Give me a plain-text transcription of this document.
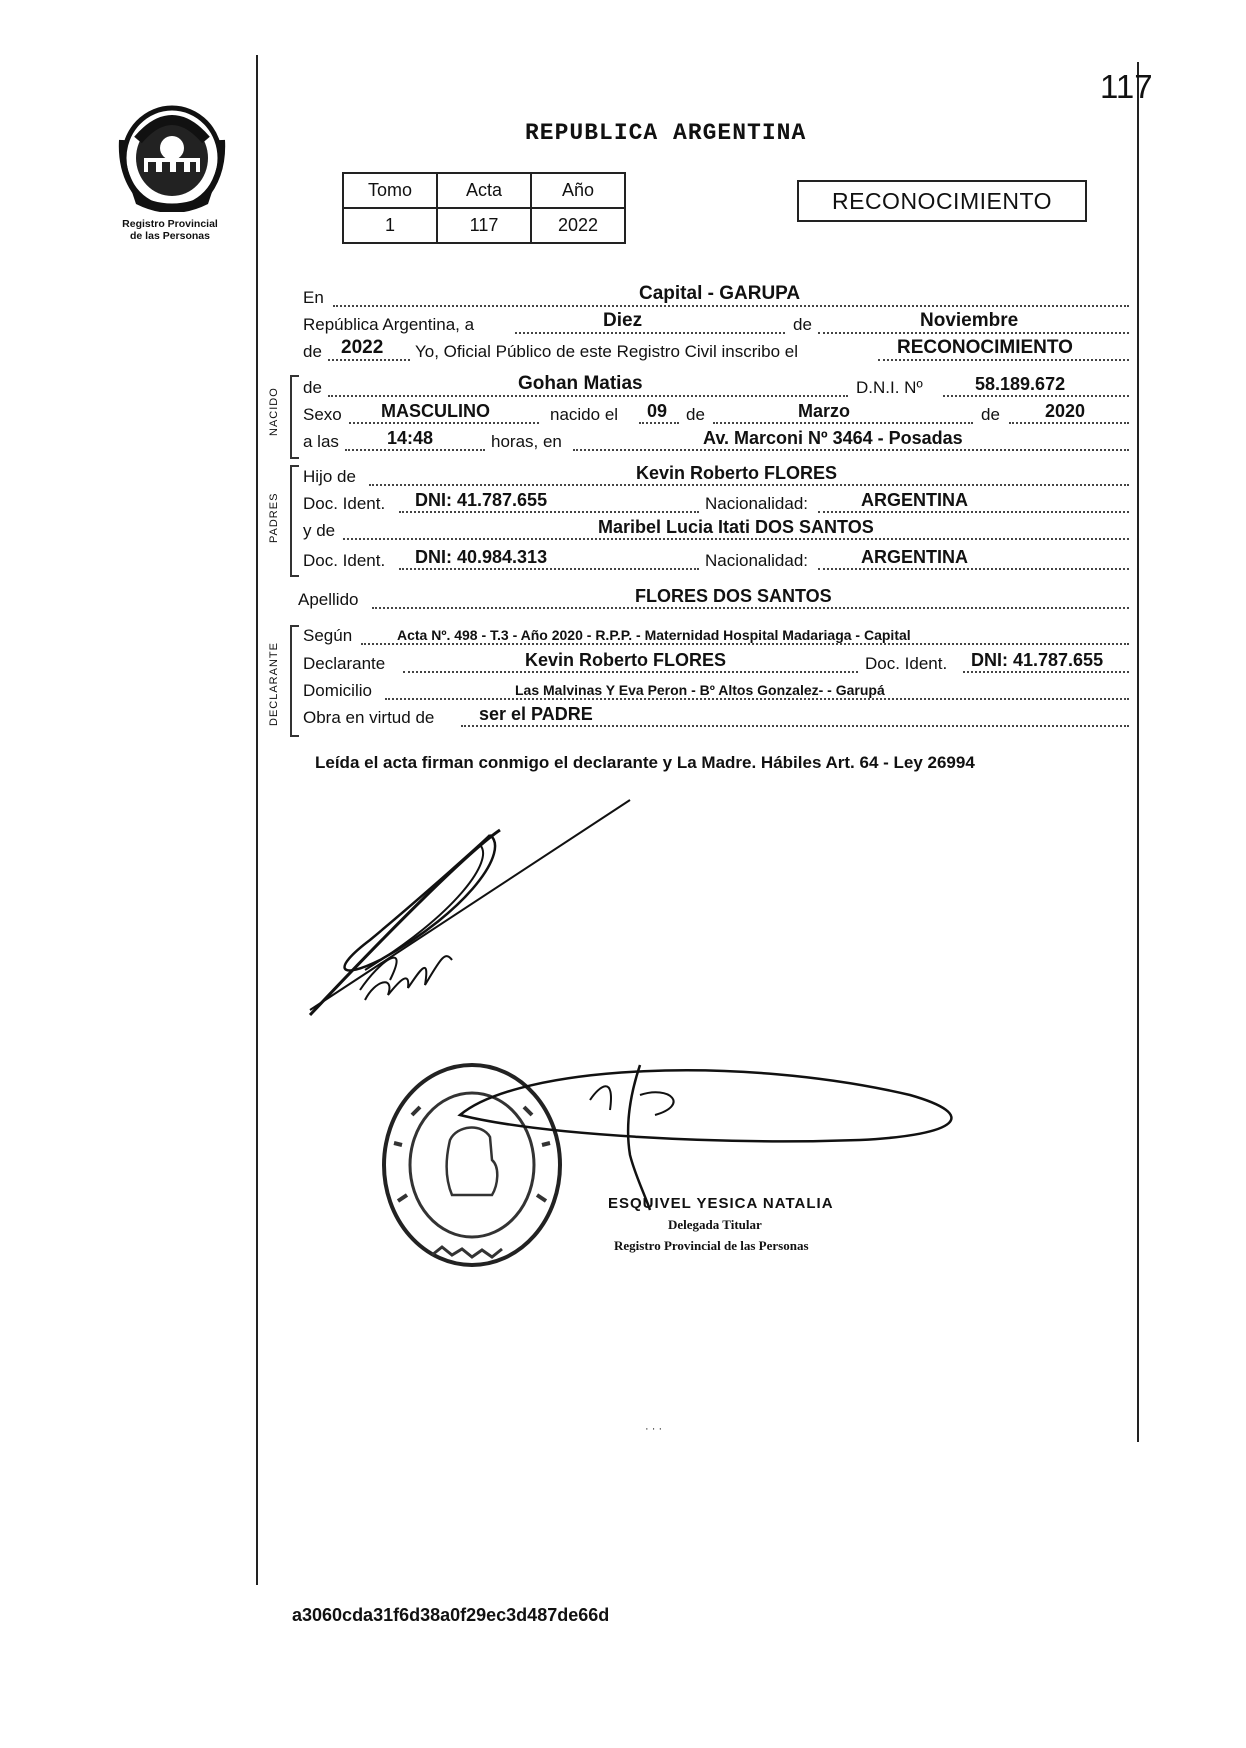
117
Registro Provincial
de las Personas
REPUBLICA ARGENTINA
Tomo	Acta	Año
1	117	2022
RECONOCIMIENTO
En	Capital - GARUPA
República Argentina, a	Diez	de	Noviembre
de 2022 Yo, Oficial Público de este Registro Civil inscribo el	RECONOCIMIENTO
NACIDO de	Gohan Matias	D.N.I. Nº	58.189.672
Sexo MASCULINO	nacido el 09 de	Marzo	de	2020
a las	14:48	horas, en	Av. Marconi Nº 3464 - Posadas
PADRES
Hijo de	Kevin Roberto FLORES
Doc. Ident. DNI: 41.787.655	Nacionalidad:	ARGENTINA
y de	Maribel Lucia Itati DOS SANTOS
Doc. Ident. DNI: 40.984.313	Nacionalidad:	ARGENTINA
Apellido	FLORES DOS SANTOS
DECLARANTE
Según	Acta Nº. 498 - T.3 - Año 2020 - R.P.P. - Maternidad Hospital Madariaga - Capital
Declarante	Kevin Roberto FLORES	Doc. Ident. DNI: 41.787.655
Domicilio	Las Malvinas Y Eva Peron - Bº Altos Gonzalez- - Garupá
Obra en virtud de ser el PADRE
Leída el acta firman conmigo el declarante y La Madre. Hábiles Art. 64 - Ley 26994
ESQUIVEL YESICA NATALIA
Delegada Titular
Registro Provincial de las Personas
· · ·
a3060cda31f6d38a0f29ec3d487de66d
